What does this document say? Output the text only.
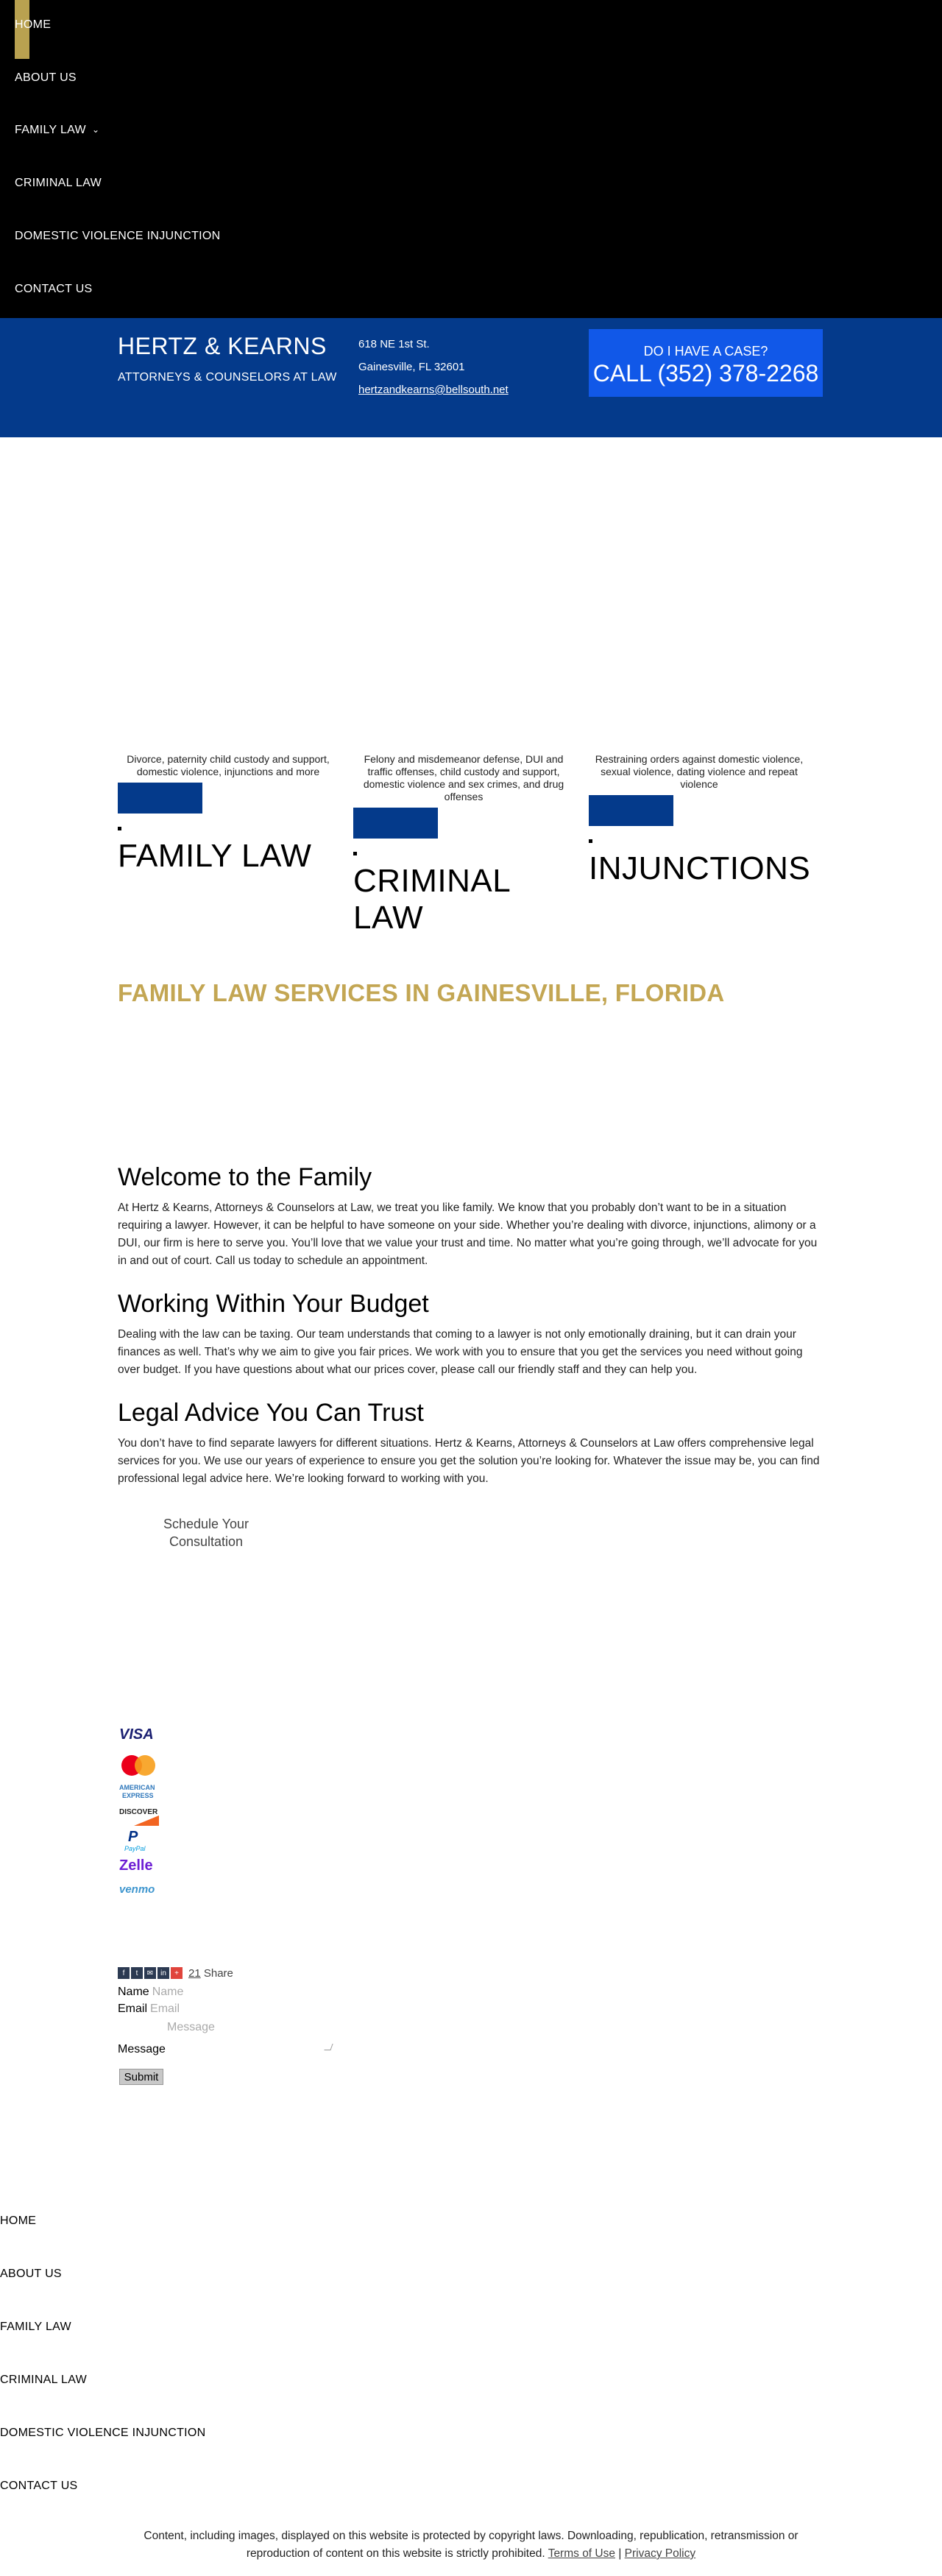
HOME
ABOUT US
FAMILY LAW ⌄
CRIMINAL LAW
DOMESTIC VIOLENCE INJUNCTION
CONTACT US
HERTZ & KEARNS
ATTORNEYS & COUNSELORS AT LAW
618 NE 1st St.
Gainesville, FL 32601
hertzandkearns@bellsouth.net
DO I HAVE A CASE?
CALL (352) 378-2268

Divorce, paternity child custody and support, domestic violence, injunctions and more

FAMILY LAW

Felony and misdemeanor defense, DUI and traffic offenses, child custody and support, domestic violence and sex crimes, and drug offenses

CRIMINAL LAW

Restraining orders against domestic violence, sexual violence, dating violence and repeat violence

INJUNCTIONS
FAMILY LAW SERVICES IN GAINESVILLE, FLORIDA
Welcome to the Family

At Hertz & Kearns, Attorneys & Counselors at Law, we treat you like family. We know that you probably don’t want to be in a situation requiring a lawyer. However, it can be helpful to have someone on your side. Whether you’re dealing with divorce, injunctions, alimony or a DUI, our firm is here to serve you. You’ll love that we value your trust and time. No matter what you’re going through, we’ll advocate for you in and out of court. Call us today to schedule an appointment.

Working Within Your Budget

Dealing with the law can be taxing. Our team understands that coming to a lawyer is not only emotionally draining, but it can drain your finances as well. That’s why we aim to give you fair prices. We work with you to ensure that you get the services you need without going over budget. If you have questions about what our prices cover, please call our friendly staff and they can help you.

Legal Advice You Can Trust

You don’t have to find separate lawyers for different situations. Hertz & Kearns, Attorneys & Counselors at Law offers comprehensive legal services for you. We use our years of experience to ensure you get the solution you’re looking for. Whatever the issue may be, you can find professional legal advice here. We’re looking forward to working with you.

Schedule Your Consultation
VISA
AMERICAN
EXPRESS
DISCOVER
P
PayPal
Zelle
venmo
f	t	✉ in	+ 21 Share
NameName
EmailEmail
Message
Message
Submit
HOME
ABOUT US
FAMILY LAW
CRIMINAL LAW
DOMESTIC VIOLENCE INJUNCTION
CONTACT US
Content, including images, displayed on this website is protected by copyright laws. Downloading, republication, retransmission or reproduction of content on this website is strictly prohibited. Terms of Use | Privacy Policy
